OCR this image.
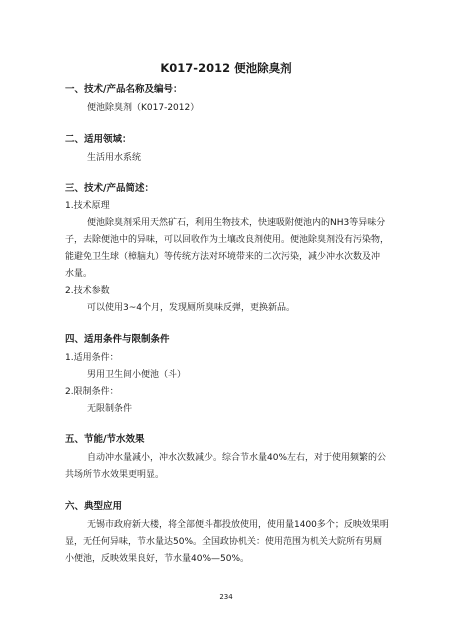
K017-2012 便池除臭剂
一、技术/产品名称及编号：
便池除臭剂（K017-2012）
二、适用领域：
生活用水系统
三、技术/产品简述：
1.技术原理
便池除臭剂采用天然矿石，利用生物技术，快速吸附便池内的NH3等异味分
子，去除便池中的异味，可以回收作为土壤改良剂使用。便池除臭剂没有污染物，
能避免卫生球（樟脑丸）等传统方法对环境带来的二次污染，减少冲水次数及冲
水量。
2.技术参数
可以使用3~4个月，发现厕所臭味反弹，更换新品。
四、适用条件与限制条件
1.适用条件：
男用卫生间小便池（斗）
2.限制条件：
无限制条件
五、节能/节水效果
自动冲水量减小，冲水次数减少。综合节水量40%左右，对于使用频繁的公
共场所节水效果更明显。
六、典型应用
无锡市政府新大楼，将全部便斗都投放使用，使用量1400多个；反映效果明
显，无任何异味，节水量达50%。全国政协机关：使用范围为机关大院所有男厕
小便池，反映效果良好，节水量40%—50%。
234
